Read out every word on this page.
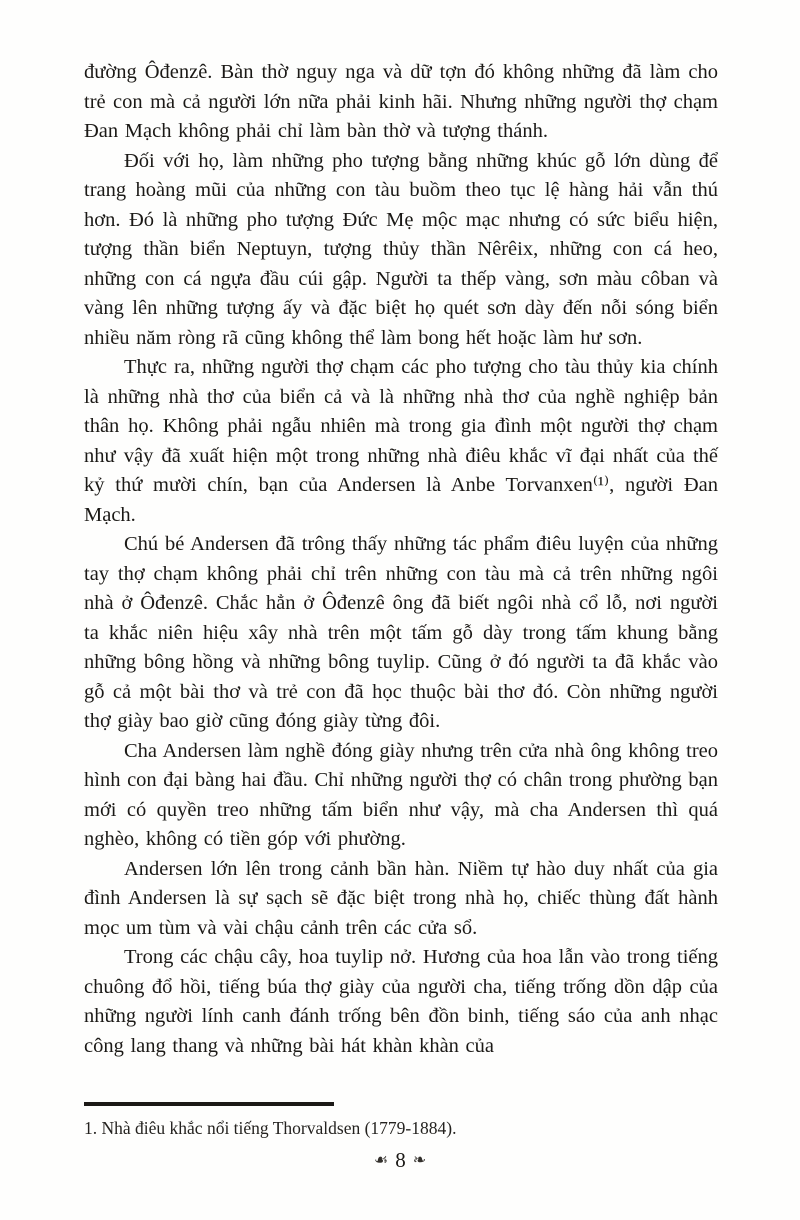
đường Ôđenzê. Bàn thờ nguy nga và dữ tợn đó không những đã làm cho trẻ con mà cả người lớn nữa phải kinh hãi. Nhưng những người thợ chạm Đan Mạch không phải chỉ làm bàn thờ và tượng thánh.

Đối với họ, làm những pho tượng bằng những khúc gỗ lớn dùng để trang hoàng mũi của những con tàu buồm theo tục lệ hàng hải vẫn thú hơn. Đó là những pho tượng Đức Mẹ mộc mạc nhưng có sức biểu hiện, tượng thần biển Neptuyn, tượng thủy thần Nêrêix, những con cá heo, những con cá ngựa đầu cúi gập. Người ta thếp vàng, sơn màu côban và vàng lên những tượng ấy và đặc biệt họ quét sơn dày đến nỗi sóng biển nhiều năm ròng rã cũng không thể làm bong hết hoặc làm hư sơn.

Thực ra, những người thợ chạm các pho tượng cho tàu thủy kia chính là những nhà thơ của biển cả và là những nhà thơ của nghề nghiệp bản thân họ. Không phải ngẫu nhiên mà trong gia đình một người thợ chạm như vậy đã xuất hiện một trong những nhà điêu khắc vĩ đại nhất của thế kỷ thứ mười chín, bạn của Andersen là Anbe Torvanxen⁽¹⁾, người Đan Mạch.

Chú bé Andersen đã trông thấy những tác phẩm điêu luyện của những tay thợ chạm không phải chỉ trên những con tàu mà cả trên những ngôi nhà ở Ôđenzê. Chắc hẳn ở Ôđenzê ông đã biết ngôi nhà cổ lỗ, nơi người ta khắc niên hiệu xây nhà trên một tấm gỗ dày trong tấm khung bằng những bông hồng và những bông tuylip. Cũng ở đó người ta đã khắc vào gỗ cả một bài thơ và trẻ con đã học thuộc bài thơ đó. Còn những người thợ giày bao giờ cũng đóng giày từng đôi.

Cha Andersen làm nghề đóng giày nhưng trên cửa nhà ông không treo hình con đại bàng hai đầu. Chỉ những người thợ có chân trong phường bạn mới có quyền treo những tấm biển như vậy, mà cha Andersen thì quá nghèo, không có tiền góp với phường.

Andersen lớn lên trong cảnh bần hàn. Niềm tự hào duy nhất của gia đình Andersen là sự sạch sẽ đặc biệt trong nhà họ, chiếc thùng đất hành mọc um tùm và vài chậu cảnh trên các cửa sổ.

Trong các chậu cây, hoa tuylip nở. Hương của hoa lẫn vào trong tiếng chuông đổ hồi, tiếng búa thợ giày của người cha, tiếng trống dồn dập của những người lính canh đánh trống bên đồn binh, tiếng sáo của anh nhạc công lang thang và những bài hát khàn khàn của

1. Nhà điêu khắc nổi tiếng Thorvaldsen (1779-1884).
☙ 8 ❧
